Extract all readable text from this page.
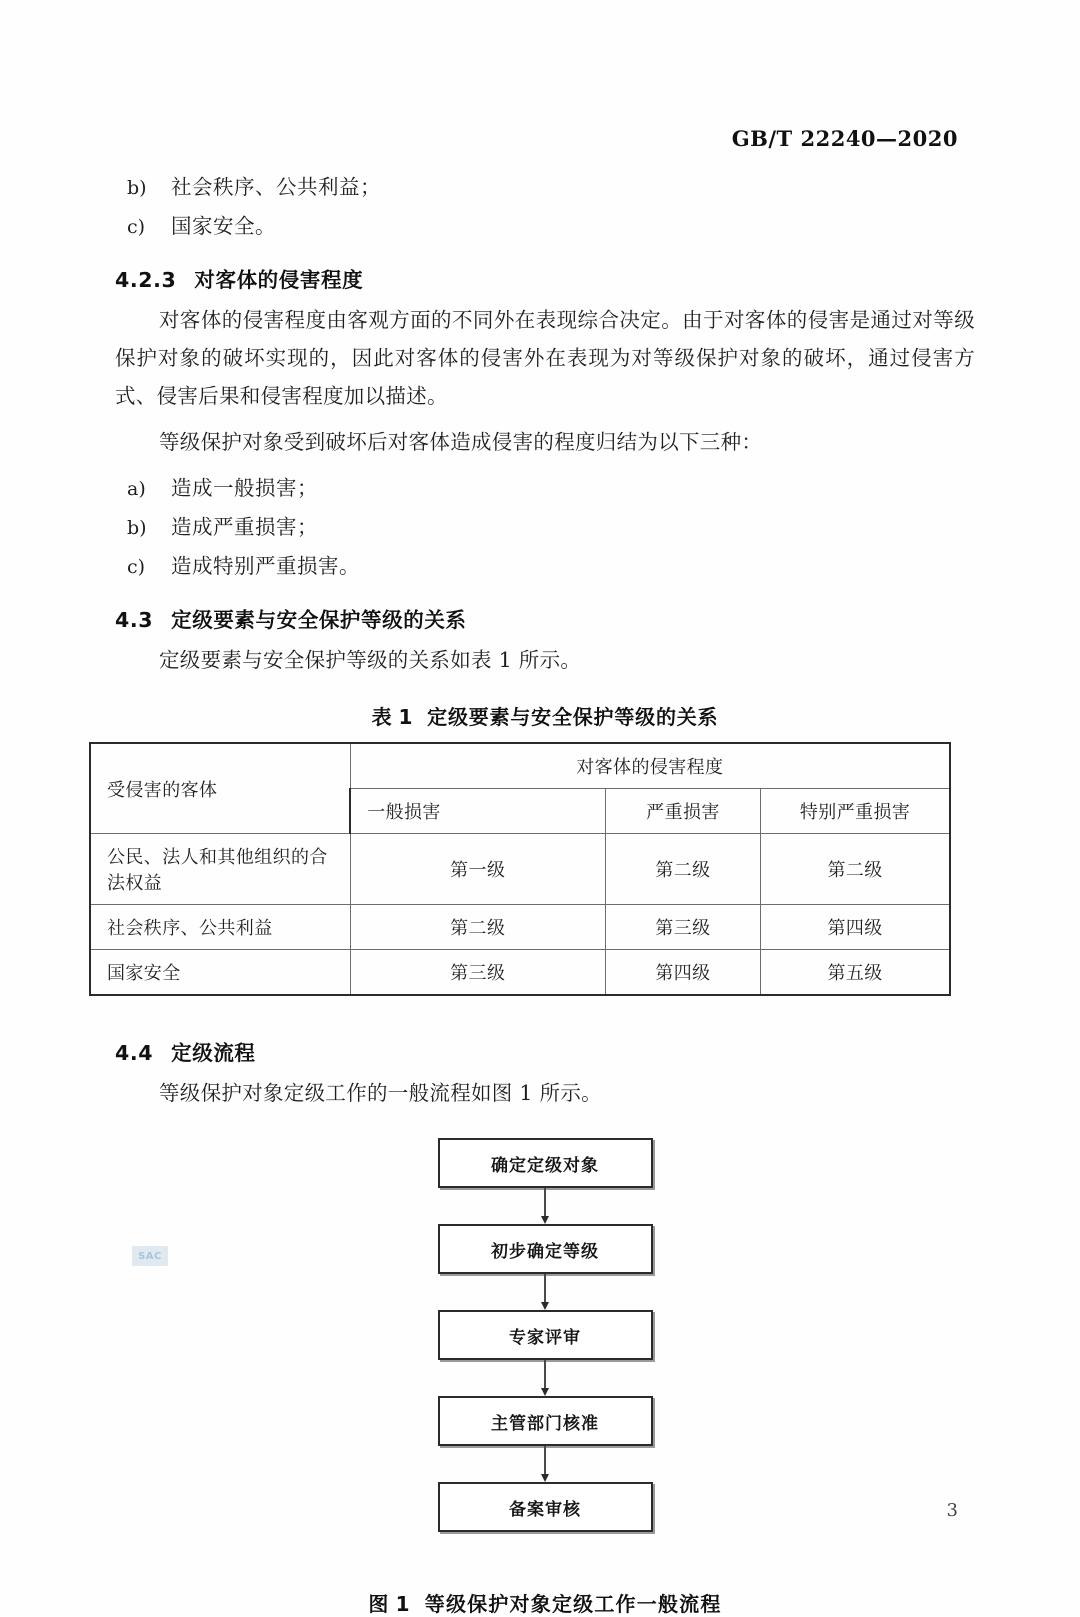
GB/T 22240—2020
b)	社会秩序、公共利益；
c)	国家安全。
4.2.3 对客体的侵害程度

对客体的侵害程度由客观方面的不同外在表现综合决定。由于对客体的侵害是通过对等级保护对象的破坏实现的，因此对客体的侵害外在表现为对等级保护对象的破坏，通过侵害方式、侵害后果和侵害程度加以描述。

等级保护对象受到破坏后对客体造成侵害的程度归结为以下三种：

a)	造成一般损害；
b)	造成严重损害；
c)	造成特别严重损害。
4.3 定级要素与安全保护等级的关系

定级要素与安全保护等级的关系如表 1 所示。

表 1 定级要素与安全保护等级的关系
受侵害的客体	对客体的侵害程度		
	一般损害	严重损害	特别严重损害
公民、法人和其他组织的合法权益	第一级	第二级	第二级
社会秩序、公共利益	第二级	第三级	第四级
国家安全	第三级	第四级	第五级
4.4 定级流程

等级保护对象定级工作的一般流程如图 1 所示。

确定定级对象
初步确定等级
专家评审
主管部门核准
备案审核
图 1 等级保护对象定级工作一般流程
SAC
3
